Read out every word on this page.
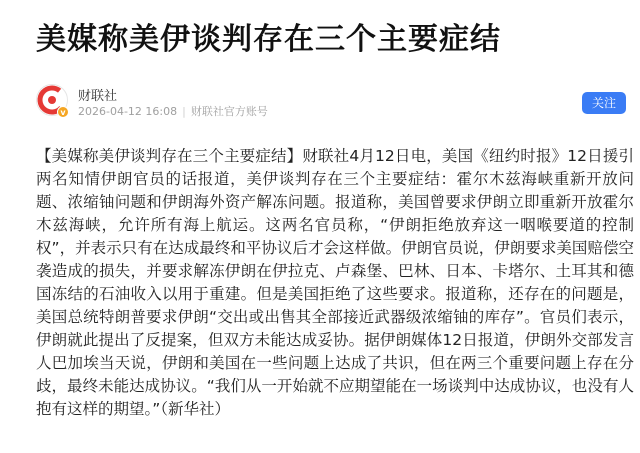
美媒称美伊谈判存在三个主要症结
v
财联社
2026-04-12 16:08 | 财联社官方账号
关注

【美媒称美伊谈判存在三个主要症结】财联社4月12日电，美国《纽约时报》12日援引两名知情伊朗官员的话报道，美伊谈判存在三个主要症结：霍尔木兹海峡重新开放问题、浓缩铀问题和伊朗海外资产解冻问题。报道称，美国曾要求伊朗立即重新开放霍尔木兹海峡，允许所有海上航运。这两名官员称，“伊朗拒绝放弃这一咽喉要道的控制权”，并表示只有在达成最终和平协议后才会这样做。伊朗官员说，伊朗要求美国赔偿空袭造成的损失，并要求解冻伊朗在伊拉克、卢森堡、巴林、日本、卡塔尔、土耳其和德国冻结的石油收入以用于重建。但是美国拒绝了这些要求。报道称，还存在的问题是，美国总统特朗普要求伊朗“交出或出售其全部接近武器级浓缩铀的库存”。官员们表示，伊朗就此提出了反提案，但双方未能达成妥协。据伊朗媒体12日报道，伊朗外交部发言人巴加埃当天说，伊朗和美国在一些问题上达成了共识，但在两三个重要问题上存在分歧，最终未能达成协议。“我们从一开始就不应期望能在一场谈判中达成协议，也没有人抱有这样的期望。”（新华社）
